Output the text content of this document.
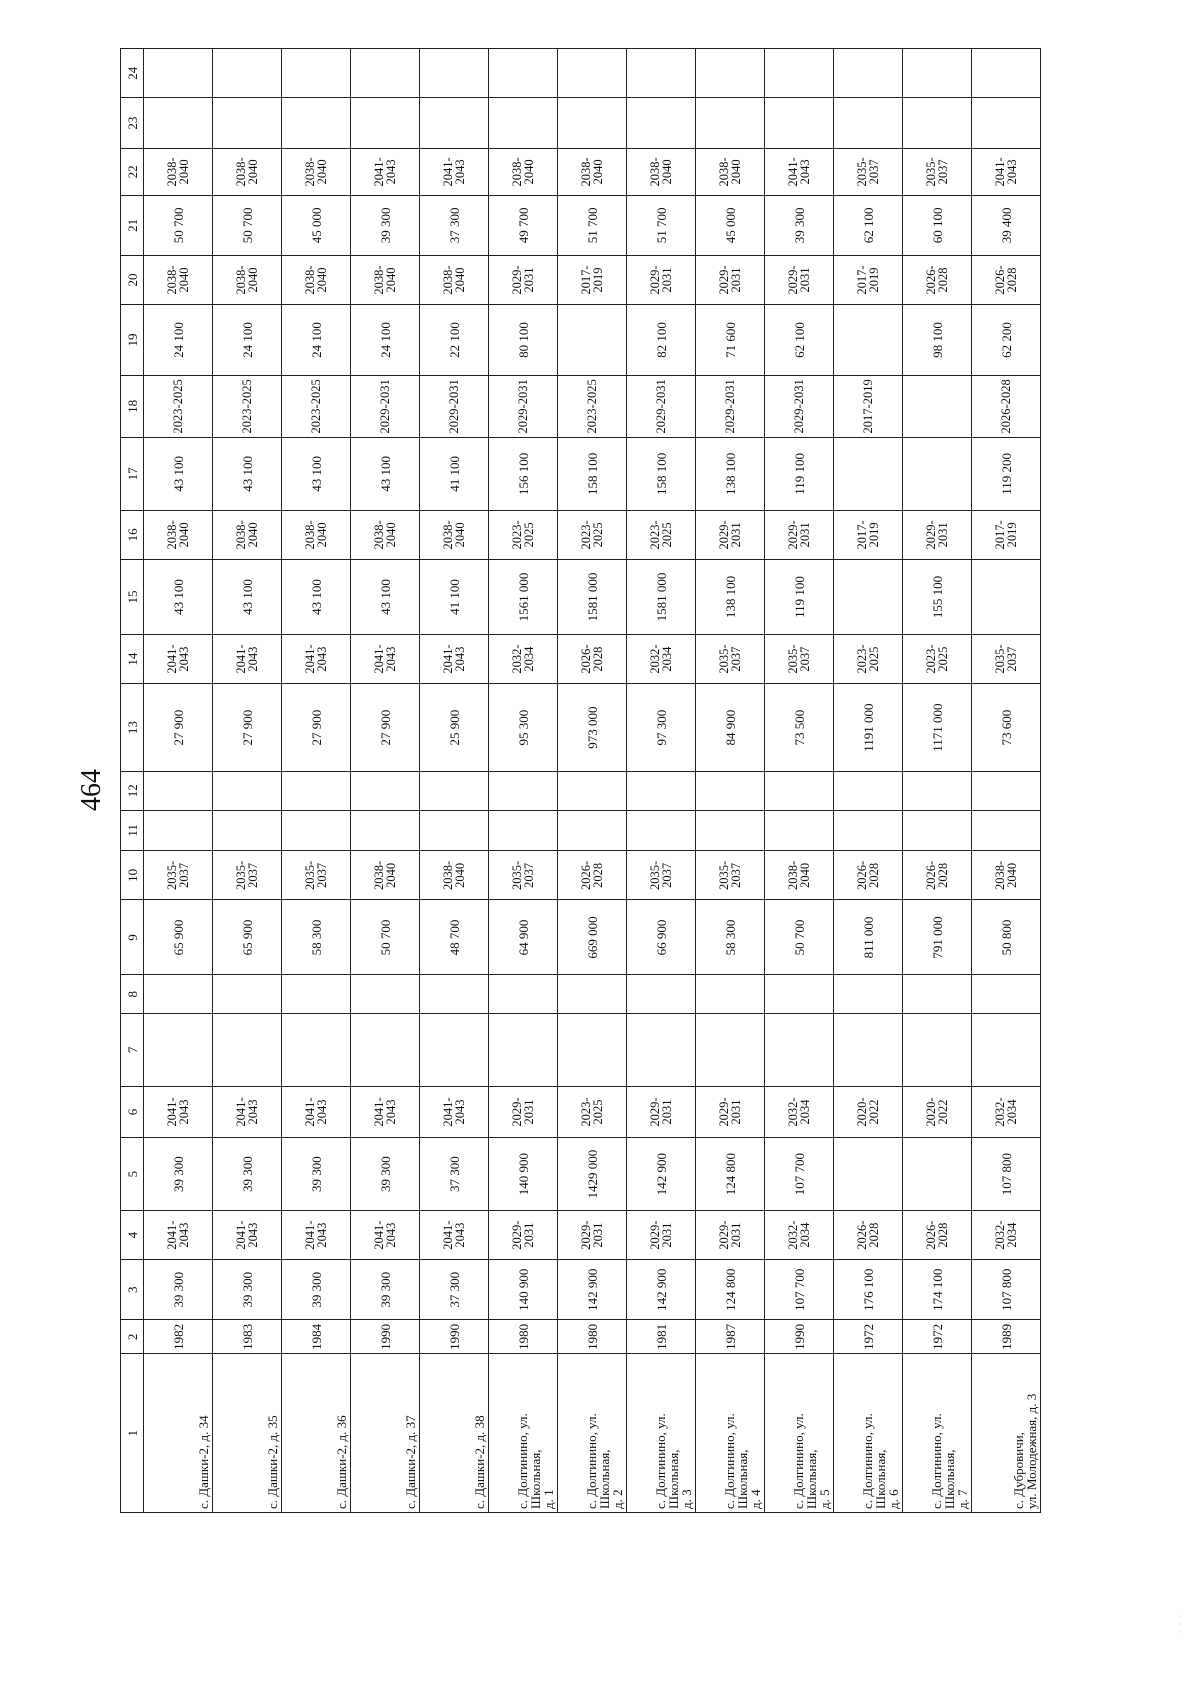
464
1	2	3	4	5	6	7	8	9	10	11	12	13	14	15	16	17	18	19	20	21	22	23	24

с. Дашки-2, д. 34	1982	39 300	2041-2043	39 300	2041-2043			65 900	2035-2037			27 900	2041-2043	43 100	2038-2040	43 100	2023-2025	24 100	2038-2040	50 700	2038-2040		

с. Дашки-2, д. 35	1983	39 300	2041-2043	39 300	2041-2043			65 900	2035-2037			27 900	2041-2043	43 100	2038-2040	43 100	2023-2025	24 100	2038-2040	50 700	2038-2040		

с. Дашки-2, д. 36	1984	39 300	2041-2043	39 300	2041-2043			58 300	2035-2037			27 900	2041-2043	43 100	2038-2040	43 100	2023-2025	24 100	2038-2040	45 000	2038-2040		

с. Дашки-2, д. 37	1990	39 300	2041-2043	39 300	2041-2043			50 700	2038-2040			27 900	2041-2043	43 100	2038-2040	43 100	2029-2031	24 100	2038-2040	39 300	2041-2043		

с. Дашки-2, д. 38	1990	37 300	2041-2043	37 300	2041-2043			48 700	2038-2040			25 900	2041-2043	41 100	2038-2040	41 100	2029-2031	22 100	2038-2040	37 300	2041-2043		

с. Долгинино, ул. Школьная,
д. 1	1980	140 900	2029-2031	140 900	2029-2031			64 900	2035-2037			95 300	2032-2034	1561 000	2023-2025	156 100	2029-2031	80 100	2029-2031	49 700	2038-2040		

с. Долгинино, ул. Школьная,
д. 2	1980	142 900	2029-2031	1429 000	2023-2025			669 000	2026-2028			973 000	2026-2028	1581 000	2023-2025	158 100	2023-2025		2017-2019	51 700	2038-2040		

с. Долгинино, ул. Школьная,
д. 3	1981	142 900	2029-2031	142 900	2029-2031			66 900	2035-2037			97 300	2032-2034	1581 000	2023-2025	158 100	2029-2031	82 100	2029-2031	51 700	2038-2040		

с. Долгинино, ул. Школьная,
д. 4	1987	124 800	2029-2031	124 800	2029-2031			58 300	2035-2037			84 900	2035-2037	138 100	2029-2031	138 100	2029-2031	71 600	2029-2031	45 000	2038-2040		

с. Долгинино, ул. Школьная,
д. 5	1990	107 700	2032-2034	107 700	2032-2034			50 700	2038-2040			73 500	2035-2037	119 100	2029-2031	119 100	2029-2031	62 100	2029-2031	39 300	2041-2043		

с. Долгинино, ул. Школьная,
д. 6	1972	176 100	2026-2028		2020-2022			811 000	2026-2028			1191 000	2023-2025		2017-2019		2017-2019		2017-2019	62 100	2035-2037		

с. Долгинино, ул. Школьная,
д. 7	1972	174 100	2026-2028		2020-2022			791 000	2026-2028			1171 000	2023-2025	155 100	2029-2031			98 100	2026-2028	60 100	2035-2037		

с. Дубровичи,
ул. Молодежная, д. 3	1989	107 800	2032-2034	107 800	2032-2034			50 800	2038-2040			73 600	2035-2037		2017-2019	119 200	2026-2028	62 200	2026-2028	39 400	2041-2043		
·
·
·
